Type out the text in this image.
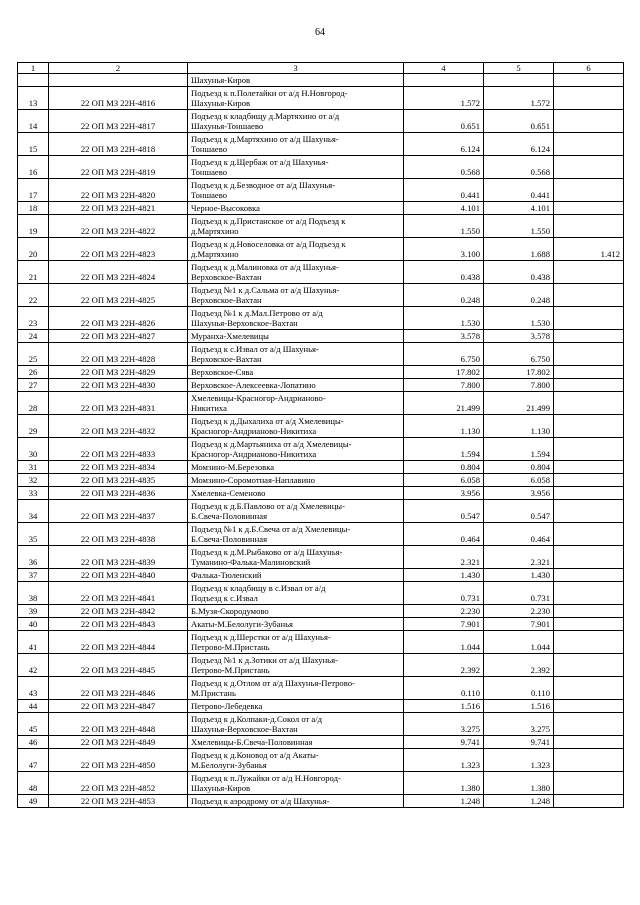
64
1	2	3	4	5	6

		Шахунья-Киров			

13	22 ОП МЗ 22Н-4816	Подъезд к п.Полетайки от а/д Н.Новгород-
Шахунья-Киров	1.572	1.572	
14	22 ОП МЗ 22Н-4817	Подъезд к кладбищу д.Мартяхино от а/д
Шахунья-Тоншаево	0.651	0.651	
15	22 ОП МЗ 22Н-4818	Подъезд к д.Мартяхино от а/д Шахунья-
Тоншаево	6.124	6.124	
16	22 ОП МЗ 22Н-4819	Подъезд к д.Щербаж от а/д Шахунья-
Тоншаево	0.568	0.568	
17	22 ОП МЗ 22Н-4820	Подъезд к д.Безводное от а/д Шахунья-
Тоншаево	0.441	0.441	
18	22 ОП МЗ 22Н-4821	Черное-Высоковка	4.101	4.101	
19	22 ОП МЗ 22Н-4822	Подъезд к д.Пристанское от а/д Подъезд к
д.Мартяхино	1.550	1.550	
20	22 ОП МЗ 22Н-4823	Подъезд к д.Новоселовка от а/д Подъезд к
д.Мартяхино	3.100	1.688	1.412
21	22 ОП МЗ 22Н-4824	Подъезд к д.Малиновка от а/д Шахунья-
Верховское-Вахтан	0.438	0.438	
22	22 ОП МЗ 22Н-4825	Подъезд №1 к д.Сальма от а/д Шахунья-
Верховское-Вахтан	0.248	0.248	
23	22 ОП МЗ 22Н-4826	Подъезд №1 к д.Мал.Петрово от а/д
Шахунья-Верховское-Вахтан	1.530	1.530	
24	22 ОП МЗ 22Н-4827	Муранха-Хмелевицы	3.578	3.578	
25	22 ОП МЗ 22Н-4828	Подъезд к с.Извал от а/д Шахунья-
Верховское-Вахтан	6.750	6.750	
26	22 ОП МЗ 22Н-4829	Верховское-Сява	17.802	17.802	
27	22 ОП МЗ 22Н-4830	Верховское-Алексеевка-Лопатино	7.800	7.800	
28	22 ОП МЗ 22Н-4831	Хмелевицы-Красногор-Андрианово-
Никитиха	21.499	21.499	
29	22 ОП МЗ 22Н-4832	Подъезд к д.Дыхалиха от а/д Хмелевицы-
Красногор-Андрианово-Никитиха	1.130	1.130	
30	22 ОП МЗ 22Н-4833	Подъезд к д.Мартьяниха от а/д Хмелевицы-
Красногор-Андрианово-Никитиха	1.594	1.594	
31	22 ОП МЗ 22Н-4834	Момзино-М.Березовка	0.804	0.804	
32	22 ОП МЗ 22Н-4835	Момзино-Соромотная-Наплавино	6.058	6.058	
33	22 ОП МЗ 22Н-4836	Хмелевка-Семеново	3.956	3.956	
34	22 ОП МЗ 22Н-4837	Подъезд к д.Б.Павлово от а/д Хмелевицы-
Б.Свеча-Половинная	0.547	0.547	
35	22 ОП МЗ 22Н-4838	Подъезд №1 к д.Б.Свеча от а/д Хмелевицы-
Б.Свеча-Половинная	0.464	0.464	
36	22 ОП МЗ 22Н-4839	Подъезд к д.М.Рыбаково от а/д Шахунья-
Туманино-Фалька-Малиновский	2.321	2.321	
37	22 ОП МЗ 22Н-4840	Фалька-Тюленский	1.430	1.430	
38	22 ОП МЗ 22Н-4841	Подъезд к кладбищу в с.Извал от а/д
Подъезд к с.Извал	0.731	0.731	
39	22 ОП МЗ 22Н-4842	Б.Музя-Скородумово	2.230	2.230	
40	22 ОП МЗ 22Н-4843	Акаты-М.Белолуги-Зубанья	7.901	7.901	
41	22 ОП МЗ 22Н-4844	Подъезд к д.Шерстки от а/д Шахунья-
Петрово-М.Пристань	1.044	1.044	
42	22 ОП МЗ 22Н-4845	Подъезд №1 к д.Зотики от а/д Шахунья-
Петрово-М.Пристань	2.392	2.392	
43	22 ОП МЗ 22Н-4846	Подъезд к д.Отлом от а/д Шахунья-Петрово-
М.Пристань	0.110	0.110	
44	22 ОП МЗ 22Н-4847	Петрово-Лебедевка	1.516	1.516	
45	22 ОП МЗ 22Н-4848	Подъезд к д.Колпаки-д.Сокол от а/д
Шахунья-Верховское-Вахтан	3.275	3.275	
46	22 ОП МЗ 22Н-4849	Хмелевицы-Б.Свеча-Половинная	9.741	9.741	
47	22 ОП МЗ 22Н-4850	Подъезд к д.Коновод от а/д Акаты-
М.Белолуги-Зубанья	1.323	1.323	
48	22 ОП МЗ 22Н-4852	Подъезд к п.Лужайки от а/д Н.Новгород-
Шахунья-Киров	1.380	1.380	
49	22 ОП МЗ 22Н-4853	Подъезд к аэродрому от а/д Шахунья-	1.248	1.248	
